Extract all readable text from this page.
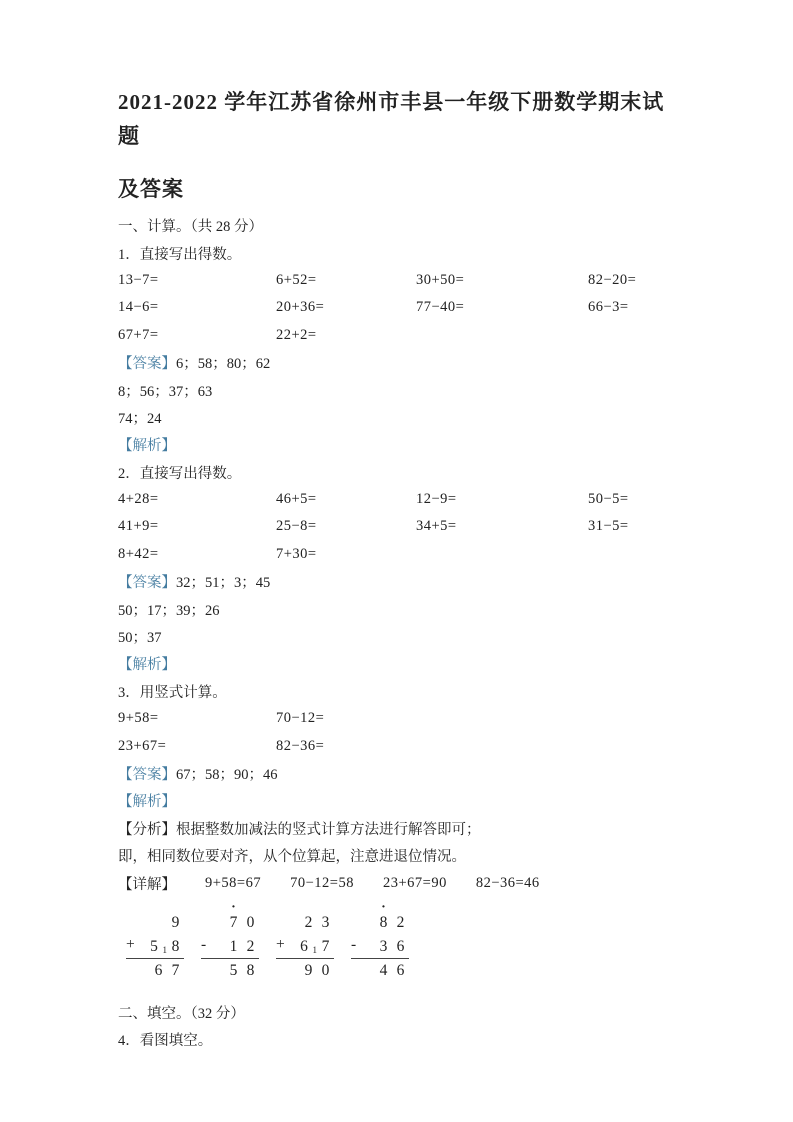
2021-2022 学年江苏省徐州市丰县一年级下册数学期末试题
及答案
一、计算。（共 28 分）
1．直接写出得数。
13−7=	6+52=	30+50=	82−20=
14−6=	20+36=	77−40=	66−3=
67+7=	22+2=
【答案】 6；58；80；62
8；56；37；63
74；24
【解析】
2．直接写出得数。
4+28=	46+5=	12−9=	50−5=
41+9=	25−8=	34+5=	31−5=
8+42=	7+30=
【答案】 32；51；3；45
50；17；39；26
50；37
【解析】
3．用竖式计算。
9+58=	70−12=
23+67=	82−36=
【答案】 67；58；90；46
【解析】
【分析】根据整数加减法的竖式计算方法进行解答即可；
即，相同数位要对齐，从个位算起，注意进退位情况。
【详解】 9+58=67 70−12=58 23+67=90 82−36=46
9
+ 5 1 8
6 7
·
7 0
- 1 2
5 8
2 3
+ 6 1 7
9 0
·
8 2
- 3 6
4 6
二、填空。（32 分）
4．看图填空。
